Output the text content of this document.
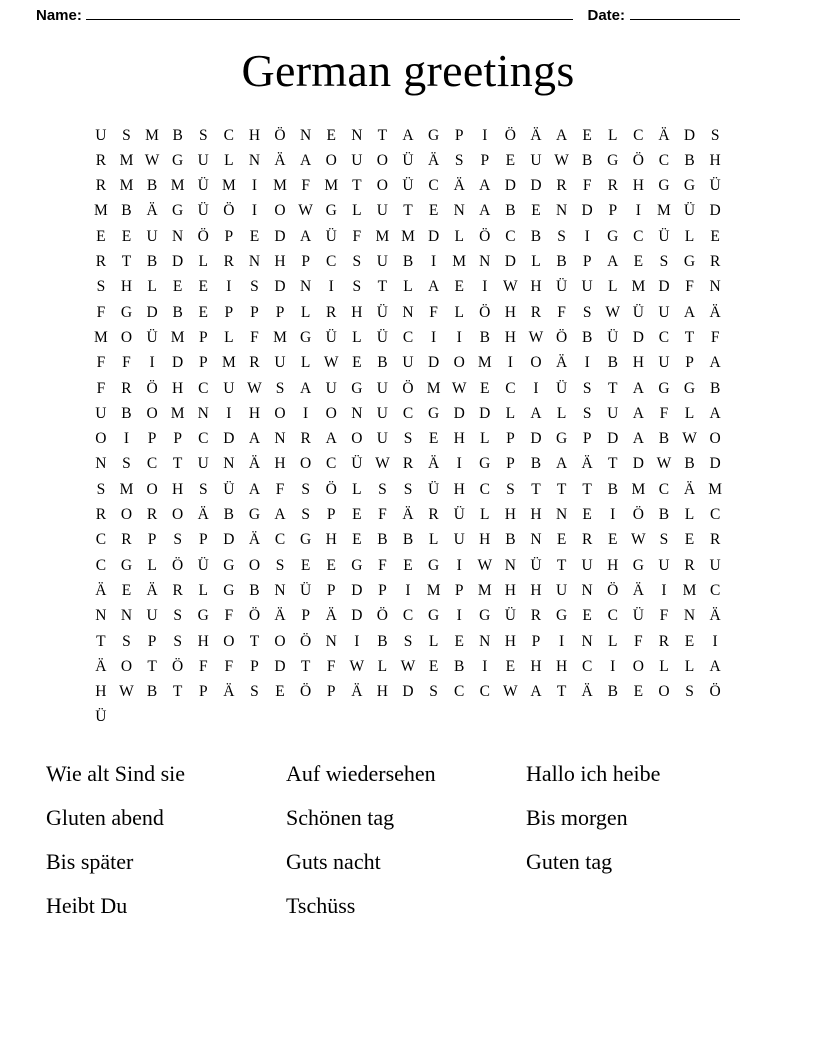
Name:	Date:
German greetings
U	S M B	S	C H Ö N E N T A G	P	I	Ö Ä A E	L	C Ä D	S
R M W G U L N Ä A O U O Ü Ä	S	P	E U W B G Ö C B H
R M B M Ü M	I	M F M T O Ü C Ä A D D R	F	R H G G Ü
M B Ä G Ü Ö	I	O W G L U T	E N A B	E N D	P	I	M Ü D
E	E U N Ö	P	E D A Ü	F M M D L Ö C B	S	I	G C Ü L	E
R	T	B D L	R N H	P	C	S	U B	I	M N D L	B	P	A E	S	G R
S	H L	E	E	I	S	D N	I	S	T	L A E	I	W H Ü U L M D	F	N
F	G D B	E	P	P	P	L	R H Ü N	F	L Ö H R	F	S W Ü U A Ä
M O Ü M P	L	F M G Ü L Ü C	I	I	B H W Ö B Ü D C	T	F
F	F	I	D	P M R U L W E	B U D O M	I	O Ä	I	B H U	P	A
F	R Ö H C U W S	A U G U Ö M W E	C	I	Ü	S	T A G G B
U B O M N	I	H O	I	O N U C G D D L A L	S	U A	F	L A
O	I	P	P	C D A N R A O U	S	E H L	P	D G	P	D A B W O
N	S	C	T U N Ä H O C Ü W R Ä	I	G	P	B A Ä T D W B D
S M O H	S	Ü A	F	S	Ö L	S	S	Ü H C	S	T	T	T	B M C Ä M
R O R O Ä B G A	S	P	E	F	Ä R Ü L H H N E	I	Ö B	L	C
C R	P	S	P	D Ä C G H E	B B	L U H B N E	R	E W S	E	R
C G L Ö Ü G O	S	E	E G	F	E G	I	W N Ü T U H G U R U
Ä E Ä R	L G B N Ü	P	D	P	I	M P M H H U N Ö Ä	I	M C
N N U	S	G	F	Ö Ä	P	Ä D Ö C G	I	G Ü R G E	C Ü	F	N Ä
T	S	P	S	H O T O Ö N	I	B	S	L	E N H	P	I	N L	F	R	E	I
Ä O T Ö	F	F	P	D T	F W L W E	B	I	E H H C	I	O L	L A
H W B	T	P	Ä	S	E Ö	P	Ä H D	S	C C W A T Ä B	E O	S	Ö
Ü
Wie alt Sind sie	Auf wiedersehen	Hallo ich heibe
Gluten abend	Schönen tag	Bis morgen
Bis später	Guts nacht	Guten tag
Heibt Du	Tschüss
